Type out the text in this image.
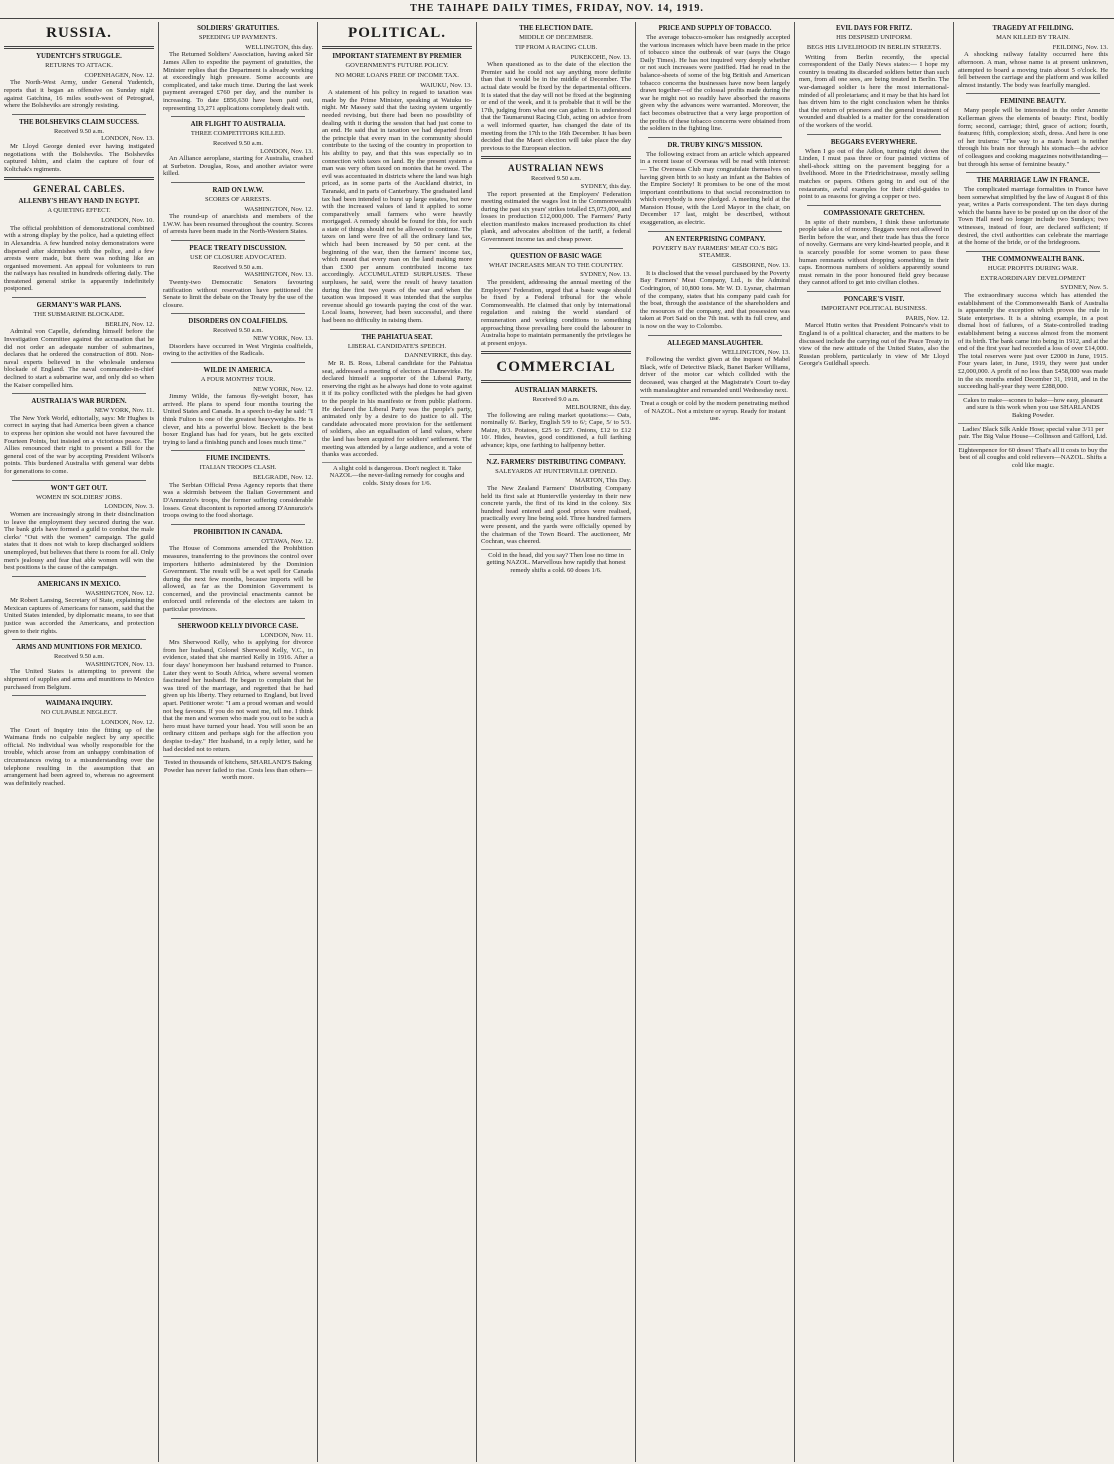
THE TAIHAPE DAILY TIMES, FRIDAY, NOV. 14, 1919.
RUSSIA.
YUDENTCH'S STRUGGLE.
RETURNS TO ATTACK.
COPENHAGEN, Nov. 12.

The North-West Army, under General Yudentch, reports that it began an offensive on Sunday night against Gatchina, 16 miles south-west of Petrograd, where the Bolsheviks are strongly resisting.

THE BOLSHEVIKS CLAIM SUCCESS.
Received 9.50 a.m.
LONDON, Nov. 13.

Mr Lloyd George denied ever having instigated negotiations with the Bolsheviks. The Bolsheviks captured Ishim, and claim the capture of four of Koltchak's regiments.

GENERAL CABLES.
ALLENBY'S HEAVY HAND IN EGYPT.
A QUIETING EFFECT.
LONDON, Nov. 10.

The official prohibition of demonstrational combined with a strong display by the police, had a quieting effect in Alexandria. A few hundred noisy demonstrators were dispersed after skirmishes with the police, and a few arrests were made, but there was nothing like an organised movement. An appeal for volunteers to run the railways has resulted in hundreds offering daily. The threatened general strike is apparently indefinitely postponed.

GERMANY'S WAR PLANS.
THE SUBMARINE BLOCKADE.
BERLIN, Nov. 12.

Admiral von Capelle, defending himself before the Investigation Committee against the accusation that he did not order an adequate number of submarines, declares that he ordered the construction of 890. Non-naval experts believed in the wholesale undersea blockade of England. The naval commander-in-chief declined to start a submarine war, and only did so when the Kaiser compelled him.

AUSTRALIA'S WAR BURDEN.
NEW YORK, Nov. 11.

The New York World, editorially, says: Mr Hughes is correct in saying that had America been given a chance to express her opinion she would not have favoured the Fourteen Points, but insisted on a victorious peace. The Allies renounced their right to present a Bill for the general cost of the war by accepting President Wilson's points. This burdened Australia with general war debts for generations to come.

WON'T GET OUT.
WOMEN IN SOLDIERS' JOBS.
LONDON, Nov. 3.

Women are increasingly strong in their disinclination to leave the employment they secured during the war. The bank girls have formed a guild to combat the male clerks' "Out with the women" campaign. The guild states that it does not wish to keep discharged soldiers unemployed, but believes that there is room for all. Only men's jealousy and fear that able women will win the best positions is the cause of the campaign.

AMERICANS IN MEXICO.
WASHINGTON, Nov. 12.

Mr Robert Lansing, Secretary of State, explaining the Mexican captures of Americans for ransom, said that the United States intended, by diplomatic means, to see that justice was accorded the Americans, and protection given to their rights.

ARMS AND MUNITIONS FOR MEXICO.
Received 9.50 a.m.
WASHINGTON, Nov. 13.

The United States is attempting to prevent the shipment of supplies and arms and munitions to Mexico purchased from Belgium.

WAIMANA INQUIRY.
NO CULPABLE NEGLECT.
LONDON, Nov. 12.

The Court of Inquiry into the fitting up of the Waimana finds no culpable neglect by any specific official. No individual was wholly responsible for the trouble, which arose from an unhappy combination of circumstances owing to a misunderstanding over the telephone resulting in the assumption that an arrangement had been agreed to, whereas no agreement was definitely reached.

SOLDIERS' GRATUITIES.
SPEEDING UP PAYMENTS.
WELLINGTON, this day.

The Returned Soldiers' Association, having asked Sir James Allen to expedite the payment of gratuities, the Minister replies that the Department is already working at exceedingly high pressure. Some accounts are complicated, and take much time. During the last week payment averaged £760 per day, and the number is increasing. To date £856,630 have been paid out, representing 13,271 applications completely dealt with.

AIR FLIGHT TO AUSTRALIA.
THREE COMPETITORS KILLED.
Received 9.50 a.m.
LONDON, Nov. 13.

An Alliance aeroplane, starting for Australia, crashed at Surbeton. Douglas, Ross, and another aviator were killed.

RAID ON I.W.W.
SCORES OF ARRESTS.
WASHINGTON, Nov. 12.

The round-up of anarchists and members of the I.W.W. has been resumed throughout the country. Scores of arrests have been made in the North-Western States.

PEACE TREATY DISCUSSION.
USE OF CLOSURE ADVOCATED.
Received 9.50 a.m.
WASHINGTON, Nov. 13.

Twenty-two Democratic Senators favouring ratification without reservation have petitioned the Senate to limit the debate on the Treaty by the use of the closure.

DISORDERS ON COALFIELDS.
Received 9.50 a.m.
NEW YORK, Nov. 13.

Disorders have occurred in West Virginia coalfields, owing to the activities of the Radicals.

WILDE IN AMERICA.
A FOUR MONTHS' TOUR.
NEW YORK, Nov. 12.

Jimmy Wilde, the famous fly-weight boxer, has arrived. He plans to spend four months touring the United States and Canada. In a speech to-day he said: "I think Fulton is one of the greatest heavyweights. He is clever, and hits a powerful blow. Beckett is the best boxer England has had for years, but he gets excited trying to land a finishing punch and loses much time."

FIUME INCIDENTS.
ITALIAN TROOPS CLASH.
BELGRADE, Nov. 12.

The Serbian Official Press Agency reports that there was a skirmish between the Italian Government and D'Annunzio's troops, the former suffering considerable losses. Great discontent is reported among D'Annunzio's troops owing to the food shortage.

PROHIBITION IN CANADA.
OTTAWA, Nov. 12.

The House of Commons amended the Prohibition measures, transferring to the provinces the control over importers hitherto administered by the Dominion Government. The result will be a wet spell for Canada during the next few months, because imports will be allowed, as far as the Dominion Government is concerned, and the provincial enactments cannot be enforced until referenda of the electors are taken in particular provinces.

SHERWOOD KELLY DIVORCE CASE.
LONDON, Nov. 11.

Mrs Sherwood Kelly, who is applying for divorce from her husband, Colonel Sherwood Kelly, V.C., in evidence, stated that she married Kelly in 1916. After a four days' honeymoon her husband returned to France. Later they went to South Africa, where several women fascinated her husband. He began to complain that he was tired of the marriage, and regretted that he had given up his liberty. They returned to England, but lived apart. Petitioner wrote: "I am a proud woman and would not beg favours. If you do not want me, tell me. I think that the men and women who made you out to be such a hero must have turned your head. You will soon be an ordinary citizen and perhaps sigh for the affection you despise to-day." Her husband, in a reply letter, said he had decided not to return.

Tested in thousands of kitchens, SHARLAND'S Baking Powder has never failed to rise. Costs less than others—worth more.
POLITICAL.
IMPORTANT STATEMENT BY PREMIER
GOVERNMENT'S FUTURE POLICY.
NO MORE LOANS FREE OF INCOME TAX.
WAIUKU, Nov. 13.

A statement of his policy in regard to taxation was made by the Prime Minister, speaking at Waiuku to-night. Mr Massey said that the taxing system urgently needed revising, but there had been no possibility of dealing with it during the session that had just come to an end. He said that in taxation we had departed from the principle that every man in the community should contribute to the taxing of the country in proportion to his ability to pay, and that this was especially so in connection with taxes on land. By the present system a man was very often taxed on monies that he owed. The evil was accentuated in districts where the land was high priced, as in some parts of the Auckland district, in Taranaki, and in parts of Canterbury. The graduated land tax had been intended to burst up large estates, but now with the increased values of land it applied to some comparatively small farmers who were heavily mortgaged. A remedy should be found for this, for such a state of things should not be allowed to continue. The taxes on land were five of all the ordinary land tax, which had been increased by 50 per cent. at the beginning of the war, then the farmers' income tax, which meant that every man on the land making more than £300 per annum contributed income tax accordingly. ACCUMULATED SURPLUSES. These surpluses, he said, were the result of heavy taxation during the first two years of the war and when the taxation was imposed it was intended that the surplus revenue should go towards paying the cost of the war. Local loans, however, had been successful, and there had been no difficulty in raising them.

THE PAHIATUA SEAT.
LIBERAL CANDIDATE'S SPEECH.
DANNEVIRKE, this day.

Mr R. B. Ross, Liberal candidate for the Pahiatua seat, addressed a meeting of electors at Dannevirke. He declared himself a supporter of the Liberal Party, reserving the right as he always had done to vote against it if its policy conflicted with the pledges he had given to the people in his manifesto or from public platform. He declared the Liberal Party was the people's party, animated only by a desire to do justice to all. The candidate advocated more provision for the settlement of soldiers, also an equalisation of land values, where the land has been acquired for soldiers' settlement. The meeting was attended by a large audience, and a vote of thanks was accorded.

A slight cold is dangerous. Don't neglect it. Take NAZOL—the never-failing remedy for coughs and colds. Sixty doses for 1/6.
THE ELECTION DATE.
MIDDLE OF DECEMBER.
TIP FROM A RACING CLUB.
PUKEKOHE, Nov. 13.

When questioned as to the date of the election the Premier said he could not say anything more definite than that it would be in the middle of December. The actual date would be fixed by the departmental officers. It is stated that the day will not be fixed at the beginning or end of the week, and it is probable that it will be the 17th, judging from what one can gather. It is understood that the Taumarunui Racing Club, acting on advice from a well informed quarter, has changed the date of its meeting from the 17th to the 16th December. It has been decided that the Maori election will take place the day previous to the European election.

AUSTRALIAN NEWS
Received 9.50 a.m.
SYDNEY, this day.

The report presented at the Employers' Federation meeting estimated the wages lost in the Commonwealth during the past six years' strikes totalled £5,073,000, and losses in production £12,000,000. The Farmers' Party election manifesto makes increased production its chief plank, and advocates abolition of the tariff, a federal Government income tax and cheap power.

QUESTION OF BASIC WAGE
WHAT INCREASES MEAN TO THE COUNTRY.
SYDNEY, Nov. 13.

The president, addressing the annual meeting of the Employers' Federation, urged that a basic wage should be fixed by a Federal tribunal for the whole Commonwealth. He claimed that only by international regulation and raising the world standard of remuneration and working conditions to something approaching those prevailing here could the labourer in Australia hope to maintain permanently the privileges he at present enjoys.

COMMERCIAL
AUSTRALIAN MARKETS.
Received 9.0 a.m.
MELBOURNE, this day.

The following are ruling market quotations:— Oats, nominally 6/. Barley, English 5/9 to 6/; Cape, 5/ to 5/3. Maize, 8/3. Potatoes, £25 to £27. Onions, £12 to £12 10/. Hides, heavies, good conditioned, a full farthing advance; kips, one farthing to halfpenny better.

N.Z. FARMERS' DISTRIBUTING COMPANY.
SALEYARDS AT HUNTERVILLE OPENED.
MARTON, This Day.

The New Zealand Farmers' Distributing Company held its first sale at Hunterville yesterday in their new concrete yards, the first of its kind in the colony. Six hundred head entered and good prices were realised, practically every line being sold. Three hundred farmers were present, and the yards were officially opened by the chairman of the Town Board. The auctioneer, Mr Cochran, was cheered.

Cold in the head, did you say? Then lose no time in getting NAZOL. Marvellous how rapidly that honest remedy shifts a cold. 60 doses 1/6.
PRICE AND SUPPLY OF TOBACCO.

The average tobacco-smoker has resignedly accepted the various increases which have been made in the price of tobacco since the outbreak of war (says the Otago Daily Times). He has not inquired very deeply whether or not such increases were justified. Had he read in the balance-sheets of some of the big British and American tobacco concerns the businesses have now been largely drawn together—of the colossal profits made during the war he might not so readily have absorbed the reasons given why the advances were warranted. Moreover, the fact becomes obstructive that a very large proportion of the profits of these tobacco concerns were obtained from the soldiers in the fighting line.

DR. TRUBY KING'S MISSION.

The following extract from an article which appeared in a recent issue of Overseas will be read with interest:— The Overseas Club may congratulate themselves on having given birth to so lusty an infant as the Babies of the Empire Society! It promises to be one of the most important contributions to that social reconstruction to which everybody is now pledged. A meeting held at the Mansion House, with the Lord Mayor in the chair, on December 17 last, might be described, without exaggeration, as electric.

AN ENTERPRISING COMPANY.
POVERTY BAY FARMERS' MEAT CO.'S BIG STEAMER.
GISBORNE, Nov. 13.

It is disclosed that the vessel purchased by the Poverty Bay Farmers' Meat Company, Ltd., is the Admiral Codrington, of 10,800 tons. Mr W. D. Lysnar, chairman of the company, states that his company paid cash for the boat, through the assistance of the shareholders and the resources of the company, and that possession was taken at Port Said on the 7th inst. with its full crew, and is now on the way to Colombo.

ALLEGED MANSLAUGHTER.
WELLINGTON, Nov. 13.

Following the verdict given at the inquest of Mabel Black, wife of Detective Black, Banet Barker Williams, driver of the motor car which collided with the deceased, was charged at the Magistrate's Court to-day with manslaughter and remanded until Wednesday next.

Treat a cough or cold by the modern penetrating method of NAZOL. Not a mixture or syrup. Ready for instant use.
EVIL DAYS FOR FRITZ.
HIS DESPISED UNIFORM.
BEGS HIS LIVELIHOOD IN BERLIN STREETS.

Writing from Berlin recently, the special correspondent of the Daily News states:— I hope my country is treating its discarded soldiers better than such men, from all one sees, are being treated in Berlin. The war-damaged soldier is here the most international-minded of all proletarians; and it may be that his hard lot has driven him to the right conclusion when he thinks that the return of prisoners and the general treatment of wounded and disabled is a matter for the consideration of the workers of the world.

BEGGARS EVERYWHERE.

When I go out of the Adlon, turning right down the Linden, I must pass three or four painted victims of shell-shock sitting on the pavement begging for a livelihood. More in the Friedrichstrasse, mostly selling matches or papers. Others going in and out of the restaurants, awful examples for their child-guides to point to as reasons for giving a copper or two.

COMPASSIONATE GRETCHEN.

In spite of their numbers, I think these unfortunate people take a lot of money. Beggars were not allowed in Berlin before the war, and their trade has thus the force of novelty. Germans are very kind-hearted people, and it is scarcely possible for some women to pass these human remnants without dropping something in their caps. Enormous numbers of soldiers apparently sound must remain in the poor honoured field grey because they cannot afford to get into civilian clothes.

PONCARE'S VISIT.
IMPORTANT POLITICAL BUSINESS.
PARIS, Nov. 12.

Marcel Hutin writes that President Poincare's visit to England is of a political character, and the matters to be discussed include the carrying out of the Peace Treaty in view of the new attitude of the United States, also the Russian problem, particularly in view of Mr Lloyd George's Guildhall speech.

TRAGEDY AT FEILDING.
MAN KILLED BY TRAIN.
FEILDING, Nov. 13.

A shocking railway fatality occurred here this afternoon. A man, whose name is at present unknown, attempted to board a moving train about 5 o'clock. He fell between the carriage and the platform and was killed almost instantly. The body was fearfully mangled.

FEMININE BEAUTY.

Many people will be interested in the order Annette Kellerman gives the elements of beauty: First, bodily form; second, carriage; third, grace of action; fourth, features; fifth, complexion; sixth, dress. And here is one of her truisms: "The way to a man's heart is neither through his brain nor through his stomach—the advice of colleagues and cooking magazines notwithstanding—but through his sense of feminine beauty."

THE MARRIAGE LAW IN FRANCE.

The complicated marriage formalities in France have been somewhat simplified by the law of August 8 of this year, writes a Paris correspondent. The ten days during which the banns have to be posted up on the door of the Town Hall need no longer include two Sundays; two witnesses, instead of four, are declared sufficient; if desired, the civil authorities can celebrate the marriage at the home of the bride, or of the bridegroom.

THE COMMONWEALTH BANK.
HUGE PROFITS DURING WAR.
EXTRAORDINARY DEVELOPMENT
SYDNEY, Nov. 5.

The extraordinary success which has attended the establishment of the Commonwealth Bank of Australia is apparently the exception which proves the rule in State enterprises. It is a shining example, in a post dismal host of failures, of a State-controlled trading establishment being a success almost from the moment of its birth. The bank came into being in 1912, and at the end of the first year had recorded a loss of over £14,000. The total reserves were just over £2000 in June, 1915. Four years later, in June, 1919, they were just under £2,000,000. A profit of no less than £458,000 was made in the six months ended December 31, 1918, and in the succeeding half-year they were £288,000.

Cakes to make—scones to bake—how easy, pleasant and sure is this work when you use SHARLANDS Baking Powder.
Ladies' Black Silk Ankle Hose; special value 3/11 per pair. The Big Value House—Collinson and Gifford, Ltd.
Eighteenpence for 60 doses! That's all it costs to buy the best of all coughs and cold relievers—NAZOL. Shifts a cold like magic.
